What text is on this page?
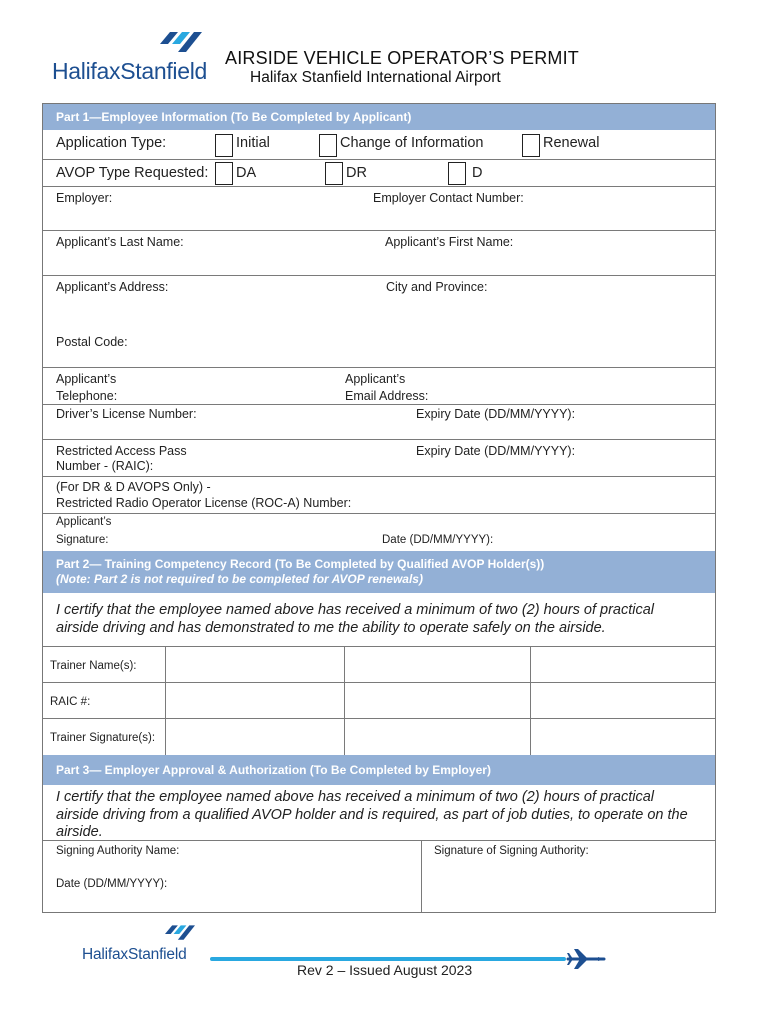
HalifaxStanfield AIRSIDE VEHICLE OPERATOR’S PERMIT
Halifax Stanfield International Airport
Part 1—Employee Information (To Be Completed by Applicant)
Application Type:	Initial	Change of Information	Renewal
AVOP Type Requested: DA	DR	D
Employer:	Employer Contact Number:
Applicant’s Last Name:	Applicant’s First Name:
Applicant’s Address:	City and Province:
Postal Code:
Applicant’s
Telephone:
Applicant’s
Email Address:
Driver’s License Number:	Expiry Date (DD/MM/YYYY):
Restricted Access Pass
Number - (RAIC):
Expiry Date (DD/MM/YYYY):
(For DR & D AVOPS Only) -
Restricted Radio Operator License (ROC-A) Number:
Applicant’s
Signature:	Date (DD/MM/YYYY):
Part 2— Training Competency Record (To Be Completed by Qualified AVOP Holder(s))
(Note: Part 2 is not required to be completed for AVOP renewals)
I certify that the employee named above has received a minimum of two (2) hours of practical airside driving and has demonstrated to me the ability to operate safely on the airside.
Trainer Name(s):
RAIC #:
Trainer Signature(s):
Part 3— Employer Approval & Authorization (To Be Completed by Employer)
I certify that the employee named above has received a minimum of two (2) hours of practical airside driving from a qualified AVOP holder and is required, as part of job duties, to operate on the airside.
Signing Authority Name:	Signature of Signing Authority:
Date (DD/MM/YYYY):
HalifaxStanfield
Rev 2 – Issued August 2023
